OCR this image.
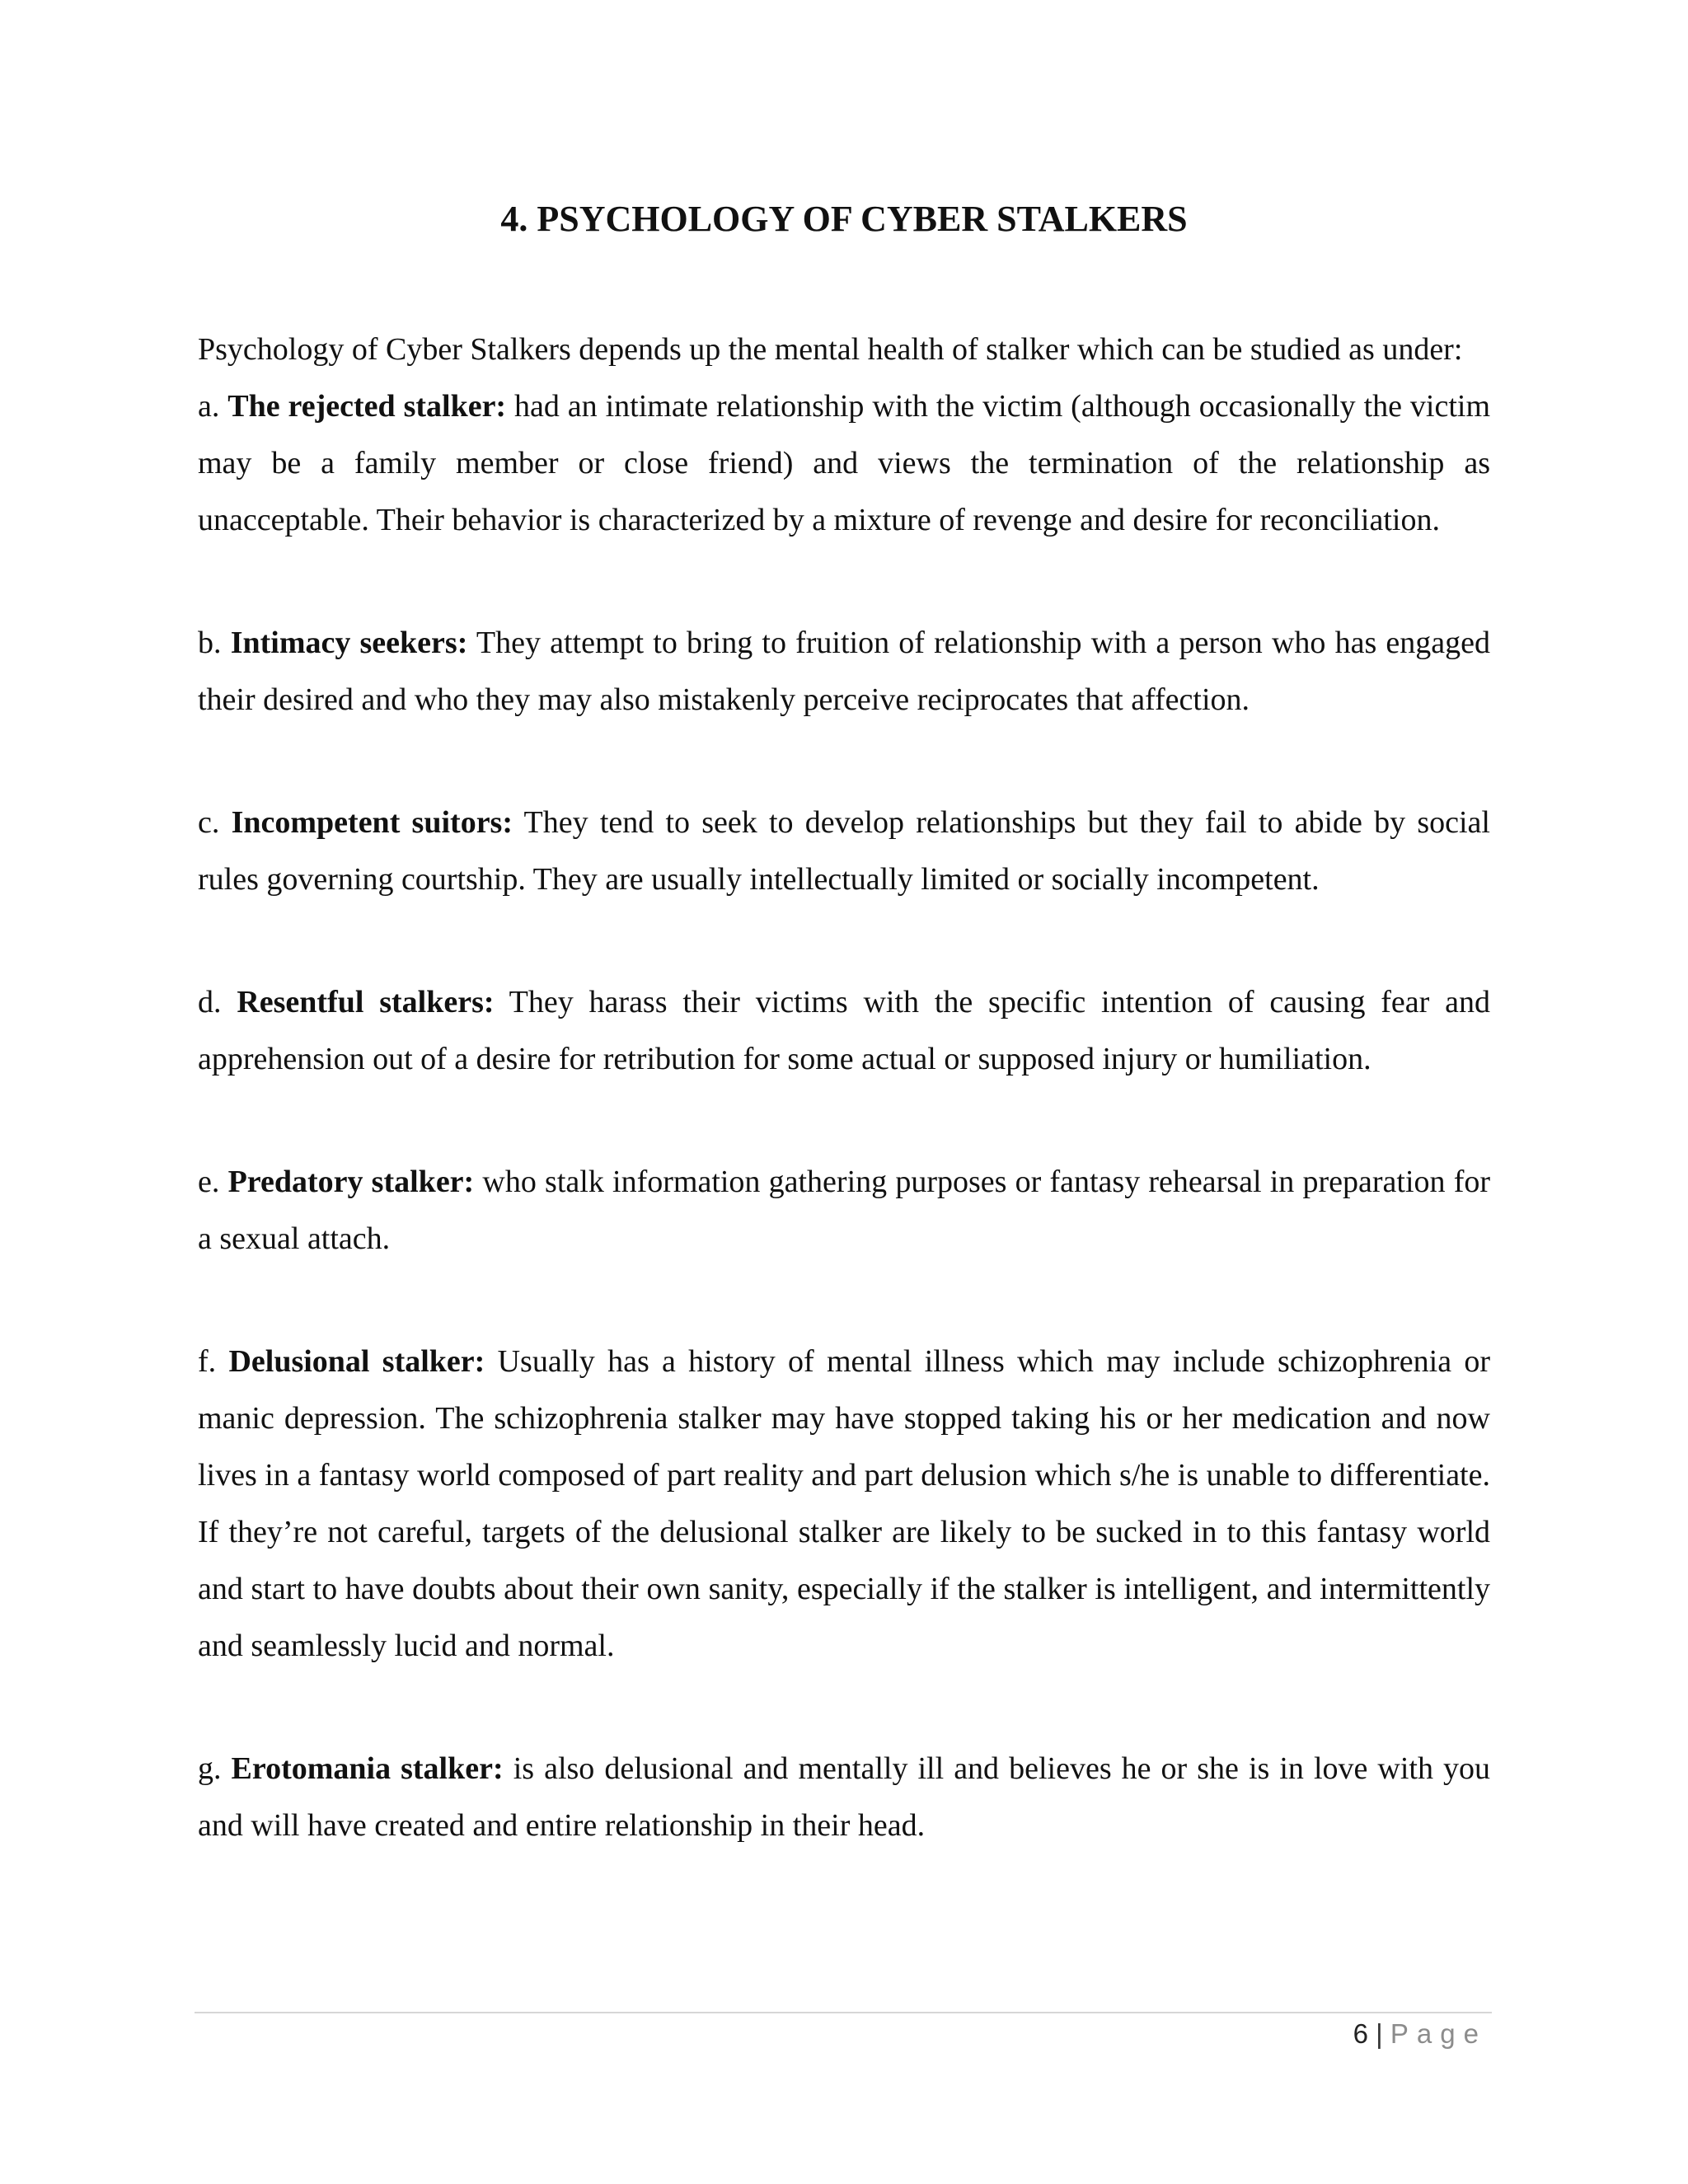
4. PSYCHOLOGY OF CYBER STALKERS

Psychology of Cyber Stalkers depends up the mental health of stalker which can be studied as under:

a. The rejected stalker: had an intimate relationship with the victim (although occasionally the victim may be a family member or close friend) and views the termination of the relationship as unacceptable. Their behavior is characterized by a mixture of revenge and desire for reconciliation.

b. Intimacy seekers: They attempt to bring to fruition of relationship with a person who has engaged their desired and who they may also mistakenly perceive reciprocates that affection.

c. Incompetent suitors: They tend to seek to develop relationships but they fail to abide by social rules governing courtship. They are usually intellectually limited or socially incompetent.

d. Resentful stalkers: They harass their victims with the specific intention of causing fear and apprehension out of a desire for retribution for some actual or supposed injury or humiliation.

e. Predatory stalker: who stalk information gathering purposes or fantasy rehearsal in preparation for a sexual attach.

f. Delusional stalker: Usually has a history of mental illness which may include schizophrenia or manic depression. The schizophrenia stalker may have stopped taking his or her medication and now lives in a fantasy world composed of part reality and part delusion which s/he is unable to differentiate. If they’re not careful, targets of the delusional stalker are likely to be sucked in to this fantasy world and start to have doubts about their own sanity, especially if the stalker is intelligent, and intermittently and seamlessly lucid and normal.

g. Erotomania stalker: is also delusional and mentally ill and believes he or she is in love with you and will have created and entire relationship in their head.

6 | Page
